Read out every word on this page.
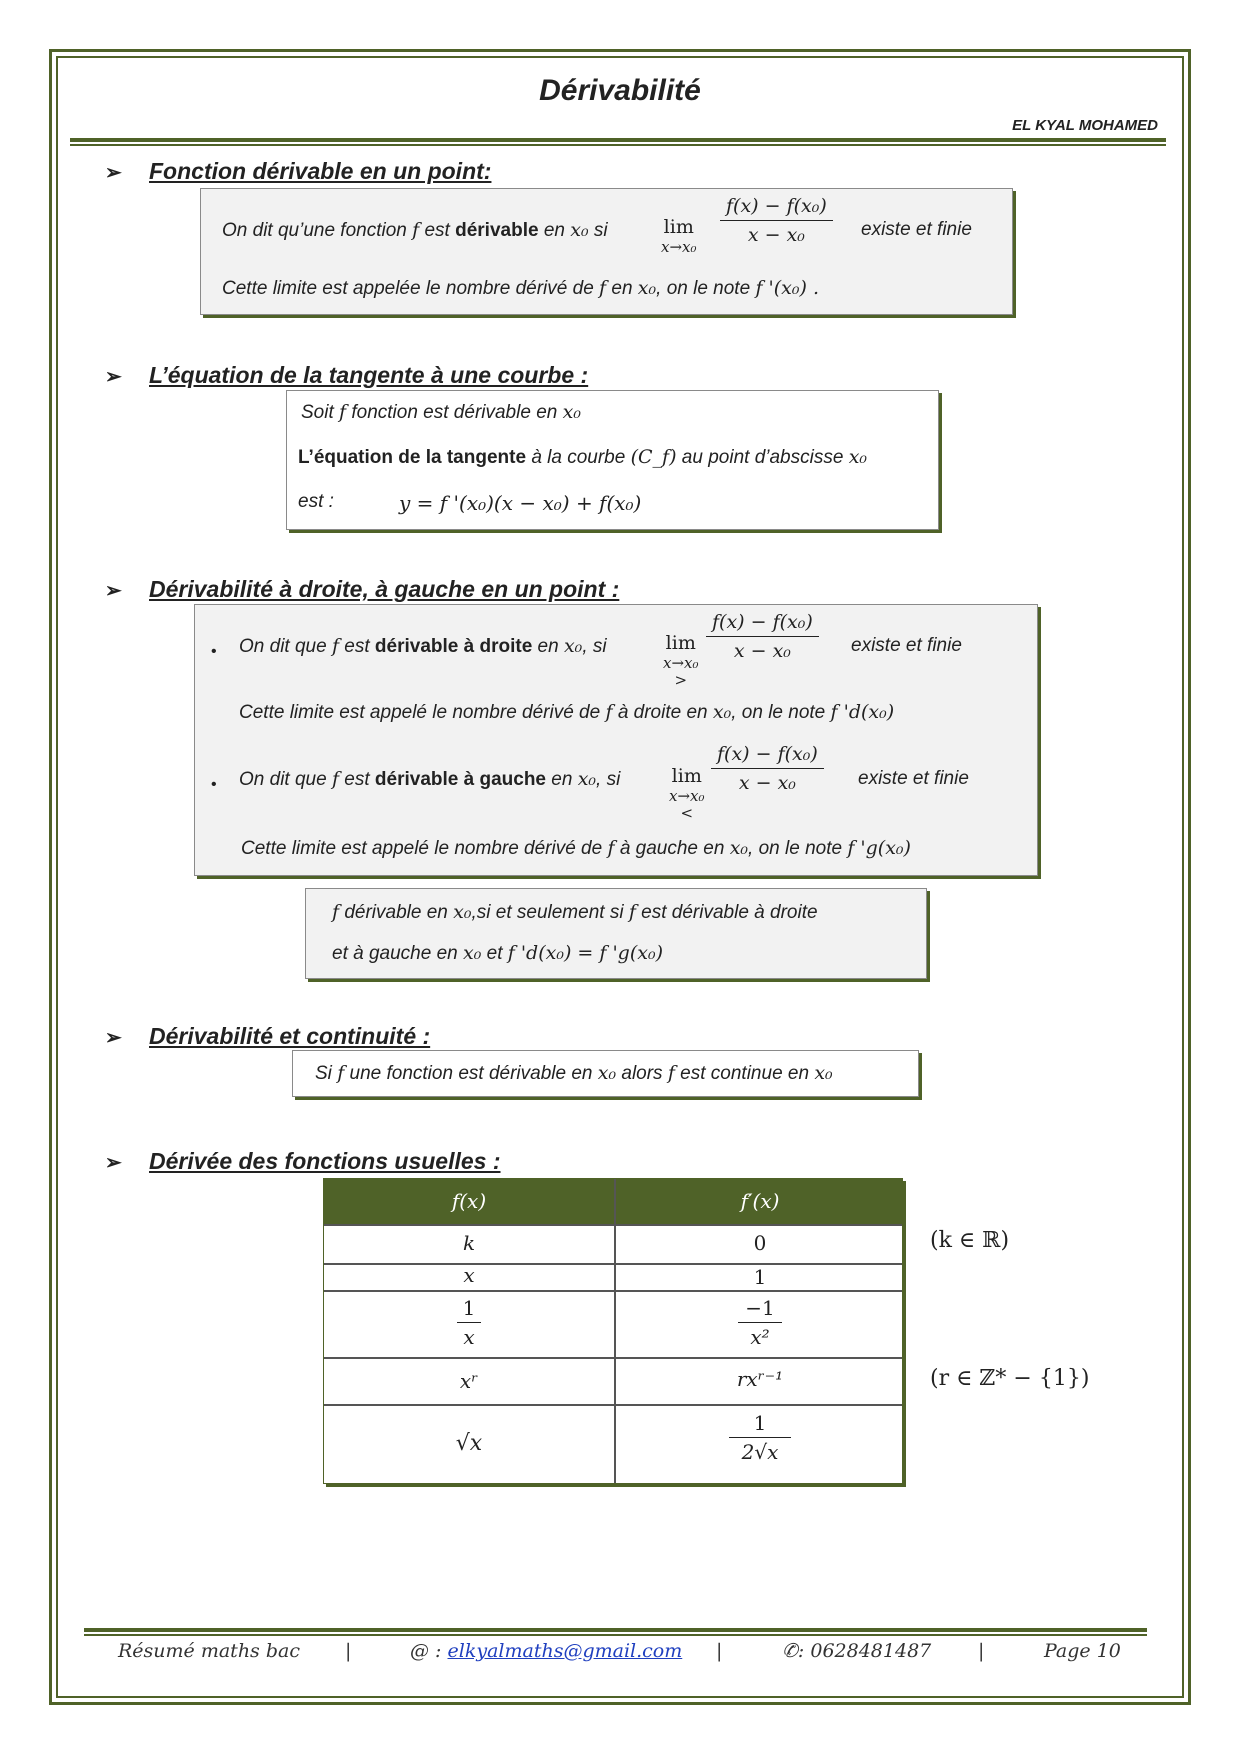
Dérivabilité
EL KYAL MOHAMED
➢ Fonction dérivable en un point:
On dit qu’une fonction f est dérivable en x₀ si	lim
x→x₀
$\frac{\text{f(x) − f(x₀)}}{\text{x − x₀}}$ existe et finie
Cette limite est appelée le nombre dérivé de f en x₀, on le note f '(x₀) .
➢ L’équation de la tangente à une courbe :
Soit f fonction est dérivable en x₀
L’équation de la tangente à la courbe (C_f) au point d’abscisse x₀
est :	y = f '(x₀)(x − x₀) + f(x₀)
➢ Dérivabilité à droite, à gauche en un point :
• On dit que f est dérivable à droite en x₀, si	lim
x→x₀
>
$\frac{\text{f(x) − f(x₀)}}{\text{x − x₀}}$ existe et finie
Cette limite est appelé le nombre dérivé de f à droite en x₀, on le note f 'd(x₀)
• On dit que f est dérivable à gauche en x₀, si	lim
x→x₀
<
$\frac{\text{f(x) − f(x₀)}}{\text{x − x₀}}$ existe et finie
Cette limite est appelé le nombre dérivé de f à gauche en x₀, on le note f 'g(x₀)
f dérivable en x₀,si et seulement si f est dérivable à droite
et à gauche en x₀ et f 'd(x₀) = f 'g(x₀)
➢ Dérivabilité et continuité :
Si f une fonction est dérivable en x₀ alors f est continue en x₀
➢ Dérivée des fonctions usuelles :
f(x)	f′(x)
k	0
x	1
$\frac{1}{x}$	$\frac{-1}{\text{x²}}$
xʳ	rxʳ⁻¹
√x	$\frac{1}{2√x}$
(k ∈ ℝ)
(r ∈ ℤ* − {1})
Résumé maths bac |	@ : elkyalmaths@gmail.com |	✆: 0628481487 |	Page 10
